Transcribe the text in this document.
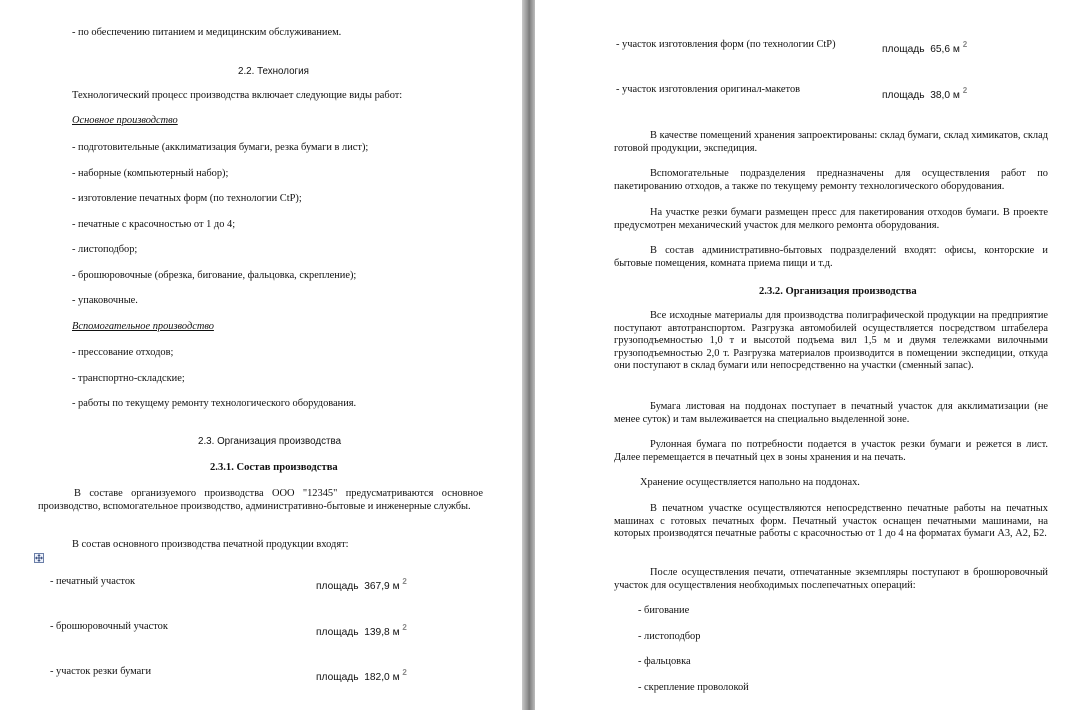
- по обеспечению питанием и медицинским обслуживанием.
2.2. Технология
Технологический процесс производства включает следующие виды работ:
Основное производство
- подготовительные (акклиматизация бумаги, резка бумаги в лист);
- наборные (компьютерный набор);
- изготовление печатных форм (по технологии CtP);
- печатные с красочностью от 1 до 4;
- листоподбор;
- брошюровочные (обрезка, бигование, фальцовка, скрепление);
- упаковочные.
Вспомогательное производство
- прессование отходов;
- транспортно-складские;
- работы по текущему ремонту технологического оборудования.
2.3. Организация производства
2.3.1. Состав производства
В составе организуемого производства ООО "12345" предусматриваются основное производство, вспомогательное производство, административно-бытовые и инженерные службы.
В состав основного производства печатной продукции входят:
- печатный участок	площадь 367,9 м $^2$
- брошюровочный участок
площадь 139,8 м $^2$
- участок резки бумаги
площадь 182,0 м $^2$
- участок изготовления форм (по технологии CtP)	площадь 65,6 м $^2$
- участок изготовления оригинал-макетов
площадь 38,0 м $^2$
В качестве помещений хранения запроектированы: склад бумаги, склад химикатов, склад готовой продукции, экспедиция.
Вспомогательные подразделения предназначены для осуществления работ по пакетированию отходов, а также по текущему ремонту технологического оборудования.
На участке резки бумаги размещен пресс для пакетирования отходов бумаги. В проекте предусмотрен механический участок для мелкого ремонта оборудования.
В состав административно-бытовых подразделений входят: офисы, конторские и бытовые помещения, комната приема пищи и т.д.
2.3.2. Организация производства
Все исходные материалы для производства полиграфической продукции на предприятие поступают автотранспортом. Разгрузка автомобилей осуществляется посредством штабелера грузоподъемностью 1,0 т и высотой подъема вил 1,5 м и двумя тележками вилочными грузоподъемностью 2,0 т. Разгрузка материалов производится в помещении экспедиции, откуда они поступают в склад бумаги или непосредственно на участки (сменный запас).
Бумага листовая на поддонах поступает в печатный участок для акклиматизации (не менее суток) и там вылеживается на специально выделенной зоне.
Рулонная бумага по потребности подается в участок резки бумаги и режется в лист. Далее перемещается в печатный цех в зоны хранения и на печать.
Хранение осуществляется напольно на поддонах.
В печатном участке осуществляются непосредственно печатные работы на печатных машинах с готовых печатных форм. Печатный участок оснащен печатными машинами, на которых производятся печатные работы с красочностью от 1 до 4 на форматах бумаги А3, А2, Б2.
После осуществления печати, отпечатанные экземпляры поступают в брошюровочный участок для осуществления необходимых послепечатных операций:
- бигование
- листоподбор
- фальцовка
- скрепление проволокой
